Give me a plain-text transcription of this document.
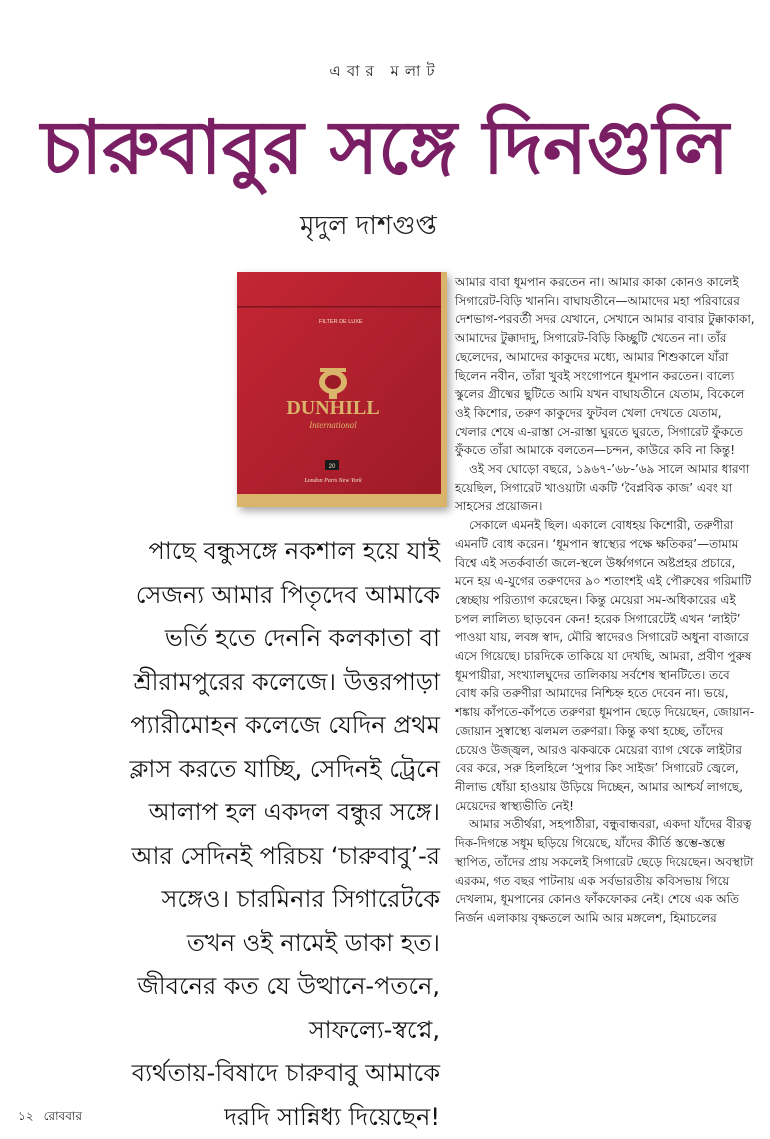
এবার মলাট
চারুবাবুর সঙ্গে দিনগুলি
মৃদুল দাশগুপ্ত
FILTER DE LUXE
DUNHILL
International
20
London Paris New York
পাছে বন্ধুসঙ্গে নকশাল হয়ে যাই
সেজন্য আমার পিতৃদেব আমাকে
ভর্তি হতে দেননি কলকাতা বা
শ্রীরামপুরের কলেজে। উত্তরপাড়া
প্যারীমোহন কলেজে যেদিন প্রথম
ক্লাস করতে যাচ্ছি, সেদিনই ট্রেনে
আলাপ হল একদল বন্ধুর সঙ্গে।
আর সেদিনই পরিচয় ‘চারুবাবু’-র
সঙ্গেও। চারমিনার সিগারেটকে
তখন ওই নামেই ডাকা হত।
জীবনের কত যে উত্থানে-পতনে,
সাফল্যে-স্বপ্নে,
ব্যর্থতায়-বিষাদে চারুবাবু আমাকে
দরদি সান্নিধ্য দিয়েছেন!

আমার বাবা ধূমপান করতেন না। আমার কাকা কোনও কালেই সিগারেট-বিড়ি খাননি। বাঘাযতীনে—আমাদের মহা পরিবারের দেশভাগ-পরবর্তী সদর যেখানে, সেখানে আমার বাবার টুক্কাকাকা, আমাদের টুক্কাদাদু, সিগারেট-বিড়ি কিচ্ছুটি খেতেন না। তাঁর ছেলেদের, আমাদের কাকুদের মধ্যে, আমার শিশুকালে যাঁরা ছিলেন নবীন, তাঁরা খুবই সংগোপনে ধূমপান করতেন। বাল্যে স্কুলের গ্রীষ্মের ছুটিতে আমি যখন বাঘাযতীনে যেতাম, বিকেলে ওই কিশোর, তরুণ কাকুদের ফুটবল খেলা দেখতে যেতাম, খেলার শেষে এ-রাস্তা সে-রাস্তা ঘুরতে ঘুরতে, সিগারেট ফুঁকতে ফুঁকতে তাঁরা আমাকে বলতেন—চন্দন, কাউরে কবি না কিন্তু!

ওই সব ঘোড়ো বছরে, ১৯৬৭-’৬৮-’৬৯ সালে আমার ধারণা হয়েছিল, সিগারেট খাওয়াটা একটি ‘বৈপ্লবিক কাজ’ এবং যা সাহসের প্রয়োজন।

সেকালে এমনই ছিল। একালে বোধহয় কিশোরী, তরুণীরা এমনটি বোধ করেন। ‘ধূমপান স্বাস্থ্যের পক্ষে ক্ষতিকর’—তামাম বিশ্বে এই সতর্কবার্তা জলে-স্থলে উর্ধ্বগগনে অষ্টপ্রহর প্রচারে, মনে হয় এ-যুগের তরুণদের ৯০ শতাংশই এই পৌরুষের গরিমাটি স্বেচ্ছায় পরিত্যাগ করেছেন। কিন্তু মেয়েরা সম-অধিকারের এই চপল লালিত্য ছাড়বেন কেন! হরেক সিগারেটেই এখন ‘লাইট’ পাওয়া যায়, লবঙ্গ স্বাদ, মৌরি স্বাদেরও সিগারেট অধুনা বাজারে এসে গিয়েছে। চারদিকে তাকিয়ে যা দেখছি, আমরা, প্রবীণ পুরুষ ধূমপায়ীরা, সংখ্যালঘুদের তালিকায় সর্বশেষ স্থানটিতে। তবে বোধ করি তরুণীরা আমাদের নিশ্চিহ্ন হতে দেবেন না। ভয়ে, শঙ্কায় কাঁপতে-কাঁপতে তরুণরা ধূমপান ছেড়ে দিয়েছেন, জোয়ান-জোয়ান সুস্বাস্থ্যে ঝলমল তরুণরা। কিন্তু কথা হচ্ছে, তাঁদের চেয়েও উজ্জ্বল, আরও ঝকঝকে মেয়েরা ব্যাগ থেকে লাইটার বের করে, সরু হিলহিলে ‘সুপার কিং সাইজ’ সিগারেট জ্বেলে, নীলাভ ধোঁয়া হাওয়ায় উড়িয়ে দিচ্ছেন, আমার আশ্চর্য লাগছে, মেয়েদের স্বাস্থ্যভীতি নেই!

আমার সতীর্থরা, সহপাঠীরা, বন্ধুবান্ধবরা, একদা যাঁদের বীরত্ব দিক-দিগন্তে সধূম ছড়িয়ে গিয়েছে, যাঁদের কীর্তি স্তম্ভে-স্তম্ভে স্থাপিত, তাঁদের প্রায় সকলেই সিগারেট ছেড়ে দিয়েছেন। অবস্থাটা এরকম, গত বছর পাটনায় এক সর্বভারতীয় কবিসভায় গিয়ে দেখলাম, ধূমপানের কোনও ফাঁকফোকর নেই। শেষে এক অতি নির্জন এলাকায় বৃক্ষতলে আমি আর মঙ্গলেশ, হিমাচলের

১২ রোববার
